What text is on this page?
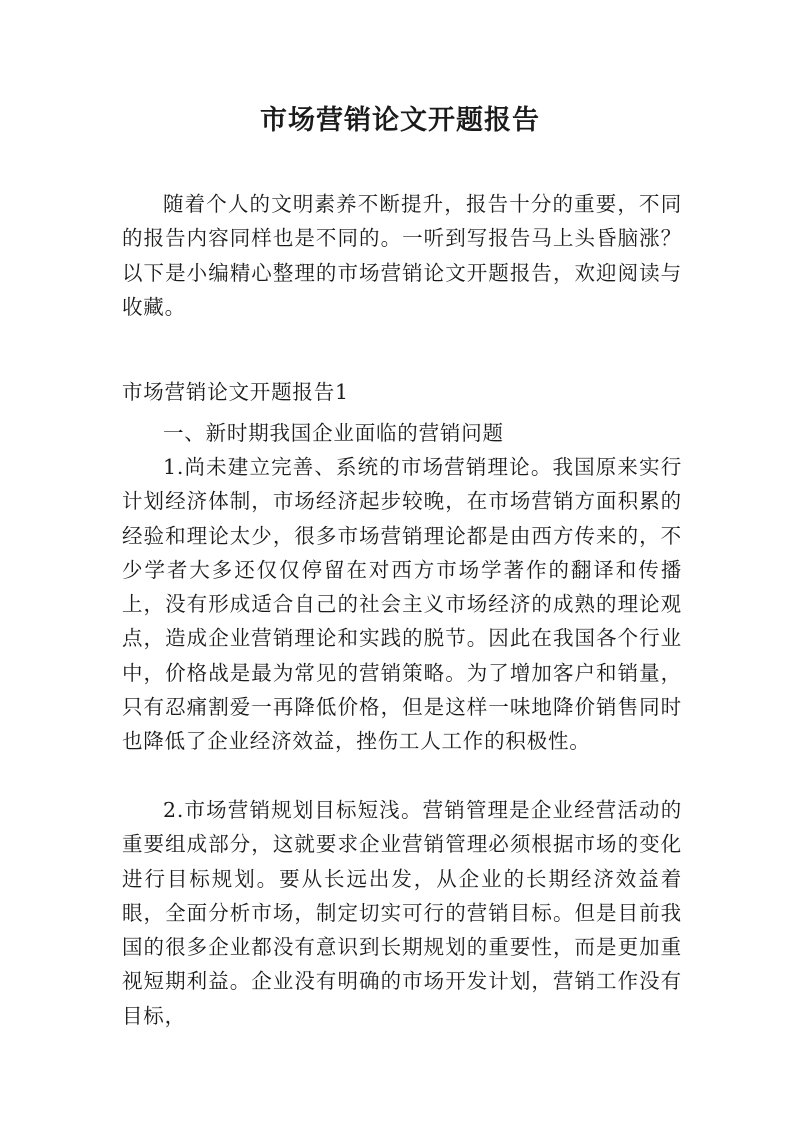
市场营销论文开题报告

随着个人的文明素养不断提升，报告十分的重要，不同的报告内容同样也是不同的。一听到写报告马上头昏脑涨？以下是小编精心整理的市场营销论文开题报告，欢迎阅读与收藏。

市场营销论文开题报告1

一、新时期我国企业面临的营销问题

1.尚未建立完善、系统的市场营销理论。我国原来实行计划经济体制，市场经济起步较晚，在市场营销方面积累的经验和理论太少，很多市场营销理论都是由西方传来的，不少学者大多还仅仅停留在对西方市场学著作的翻译和传播上，没有形成适合自己的社会主义市场经济的成熟的理论观点，造成企业营销理论和实践的脱节。因此在我国各个行业中，价格战是最为常见的营销策略。为了增加客户和销量，只有忍痛割爱一再降低价格，但是这样一味地降价销售同时也降低了企业经济效益，挫伤工人工作的积极性。

2.市场营销规划目标短浅。营销管理是企业经营活动的重要组成部分，这就要求企业营销管理必须根据市场的变化进行目标规划。要从长远出发，从企业的长期经济效益着眼，全面分析市场，制定切实可行的营销目标。但是目前我国的很多企业都没有意识到长期规划的重要性，而是更加重视短期利益。企业没有明确的市场开发计划，营销工作没有目标，
